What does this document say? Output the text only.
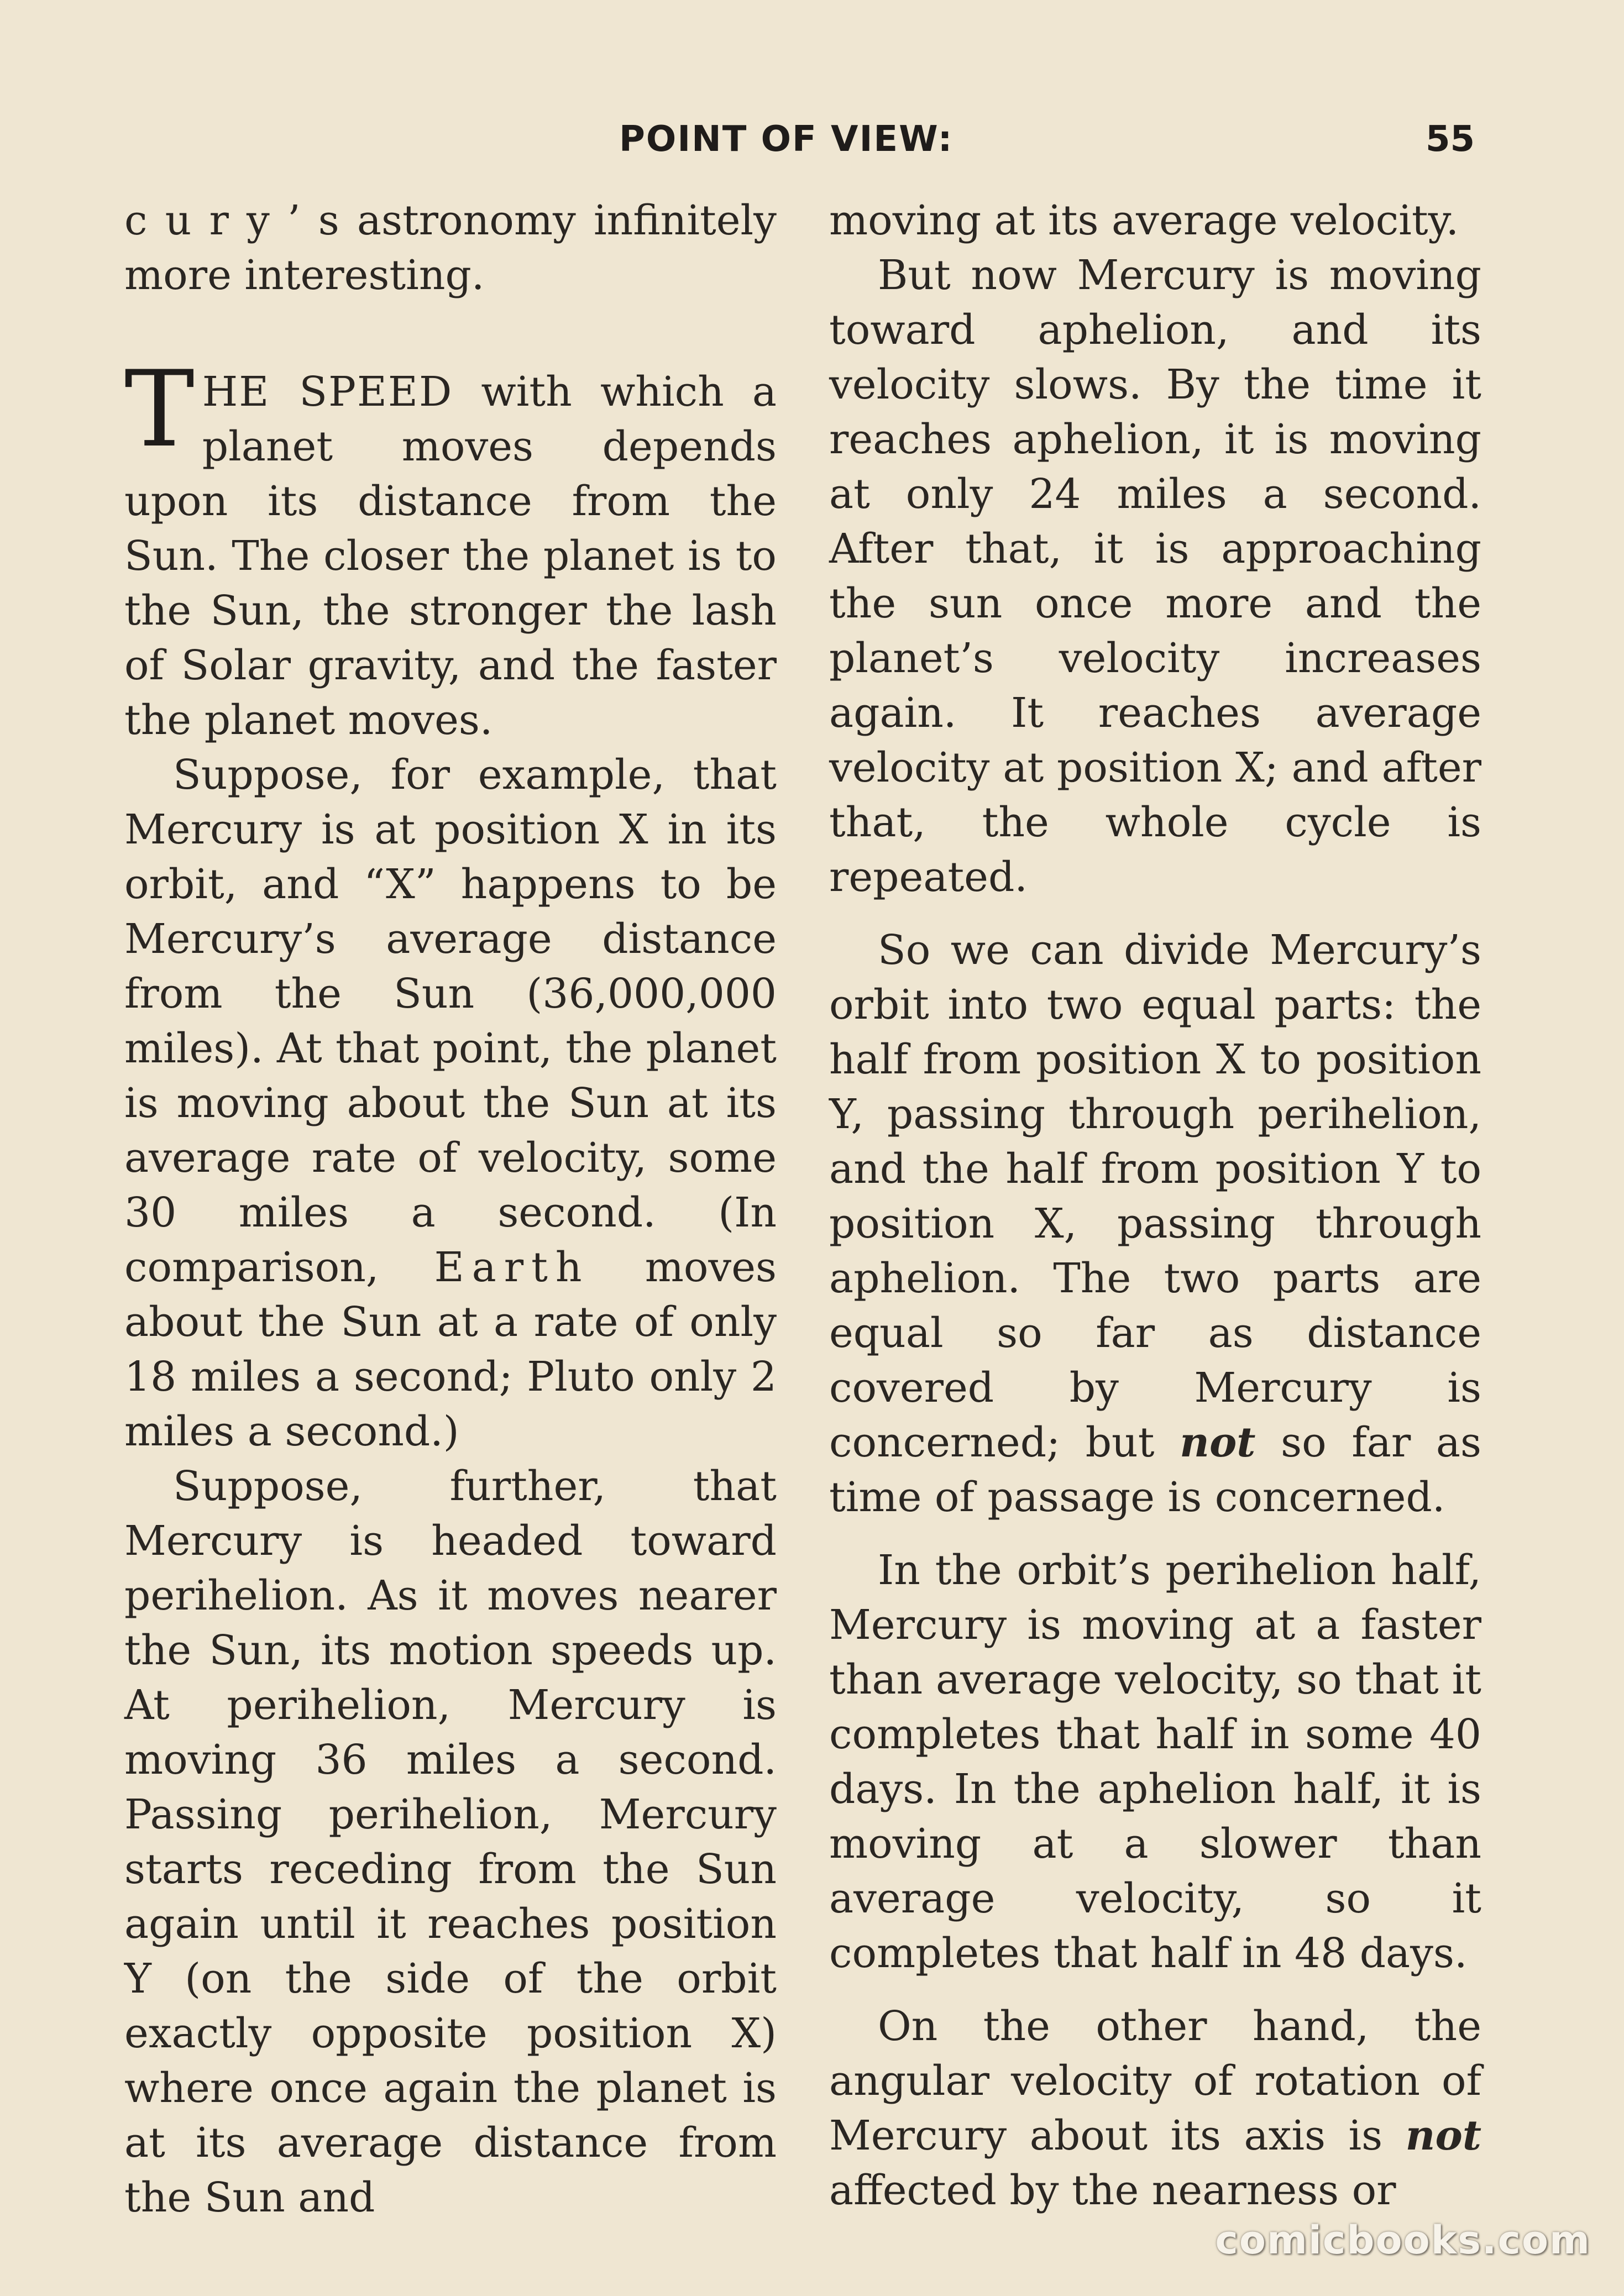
POINT OF VIEW:	55

c u r y ’ s astronomy infinitely more interesting.

THE SPEED with which a planet moves depends upon its distance from the Sun. The closer the planet is to the Sun, the stronger the lash of Solar gravity, and the faster the planet moves.

Suppose, for example, that Mercury is at position X in its orbit, and “X” happens to be Mercury’s average distance from the Sun (36,000,000 miles). At that point, the planet is moving about the Sun at its average rate of velocity, some 30 miles a second. (In comparison, Earth moves about the Sun at a rate of only 18 miles a second; Pluto only 2 miles a second.)

Suppose, further, that Mercury is headed toward perihelion. As it moves nearer the Sun, its motion speeds up. At perihelion, Mercury is moving 36 miles a second. Passing perihelion, Mercury starts receding from the Sun again until it reaches position Y (on the side of the orbit exactly opposite position X) where once again the planet is at its average distance from the Sun and

moving at its average velocity.

But now Mercury is moving toward aphelion, and its velocity slows. By the time it reaches aphelion, it is moving at only 24 miles a second. After that, it is approaching the sun once more and the planet’s velocity increases again. It reaches average velocity at position X; and after that, the whole cycle is repeated.

So we can divide Mercury’s orbit into two equal parts: the half from position X to position Y, passing through perihelion, and the half from position Y to position X, passing through aphelion. The two parts are equal so far as distance covered by Mercury is concerned; but not so far as time of passage is concerned.

In the orbit’s perihelion half, Mercury is moving at a faster than average velocity, so that it completes that half in some 40 days. In the aphelion half, it is moving at a slower than average velocity, so it completes that half in 48 days.

On the other hand, the angular velocity of rotation of Mercury about its axis is not affected by the nearness or

comicbooks.com
